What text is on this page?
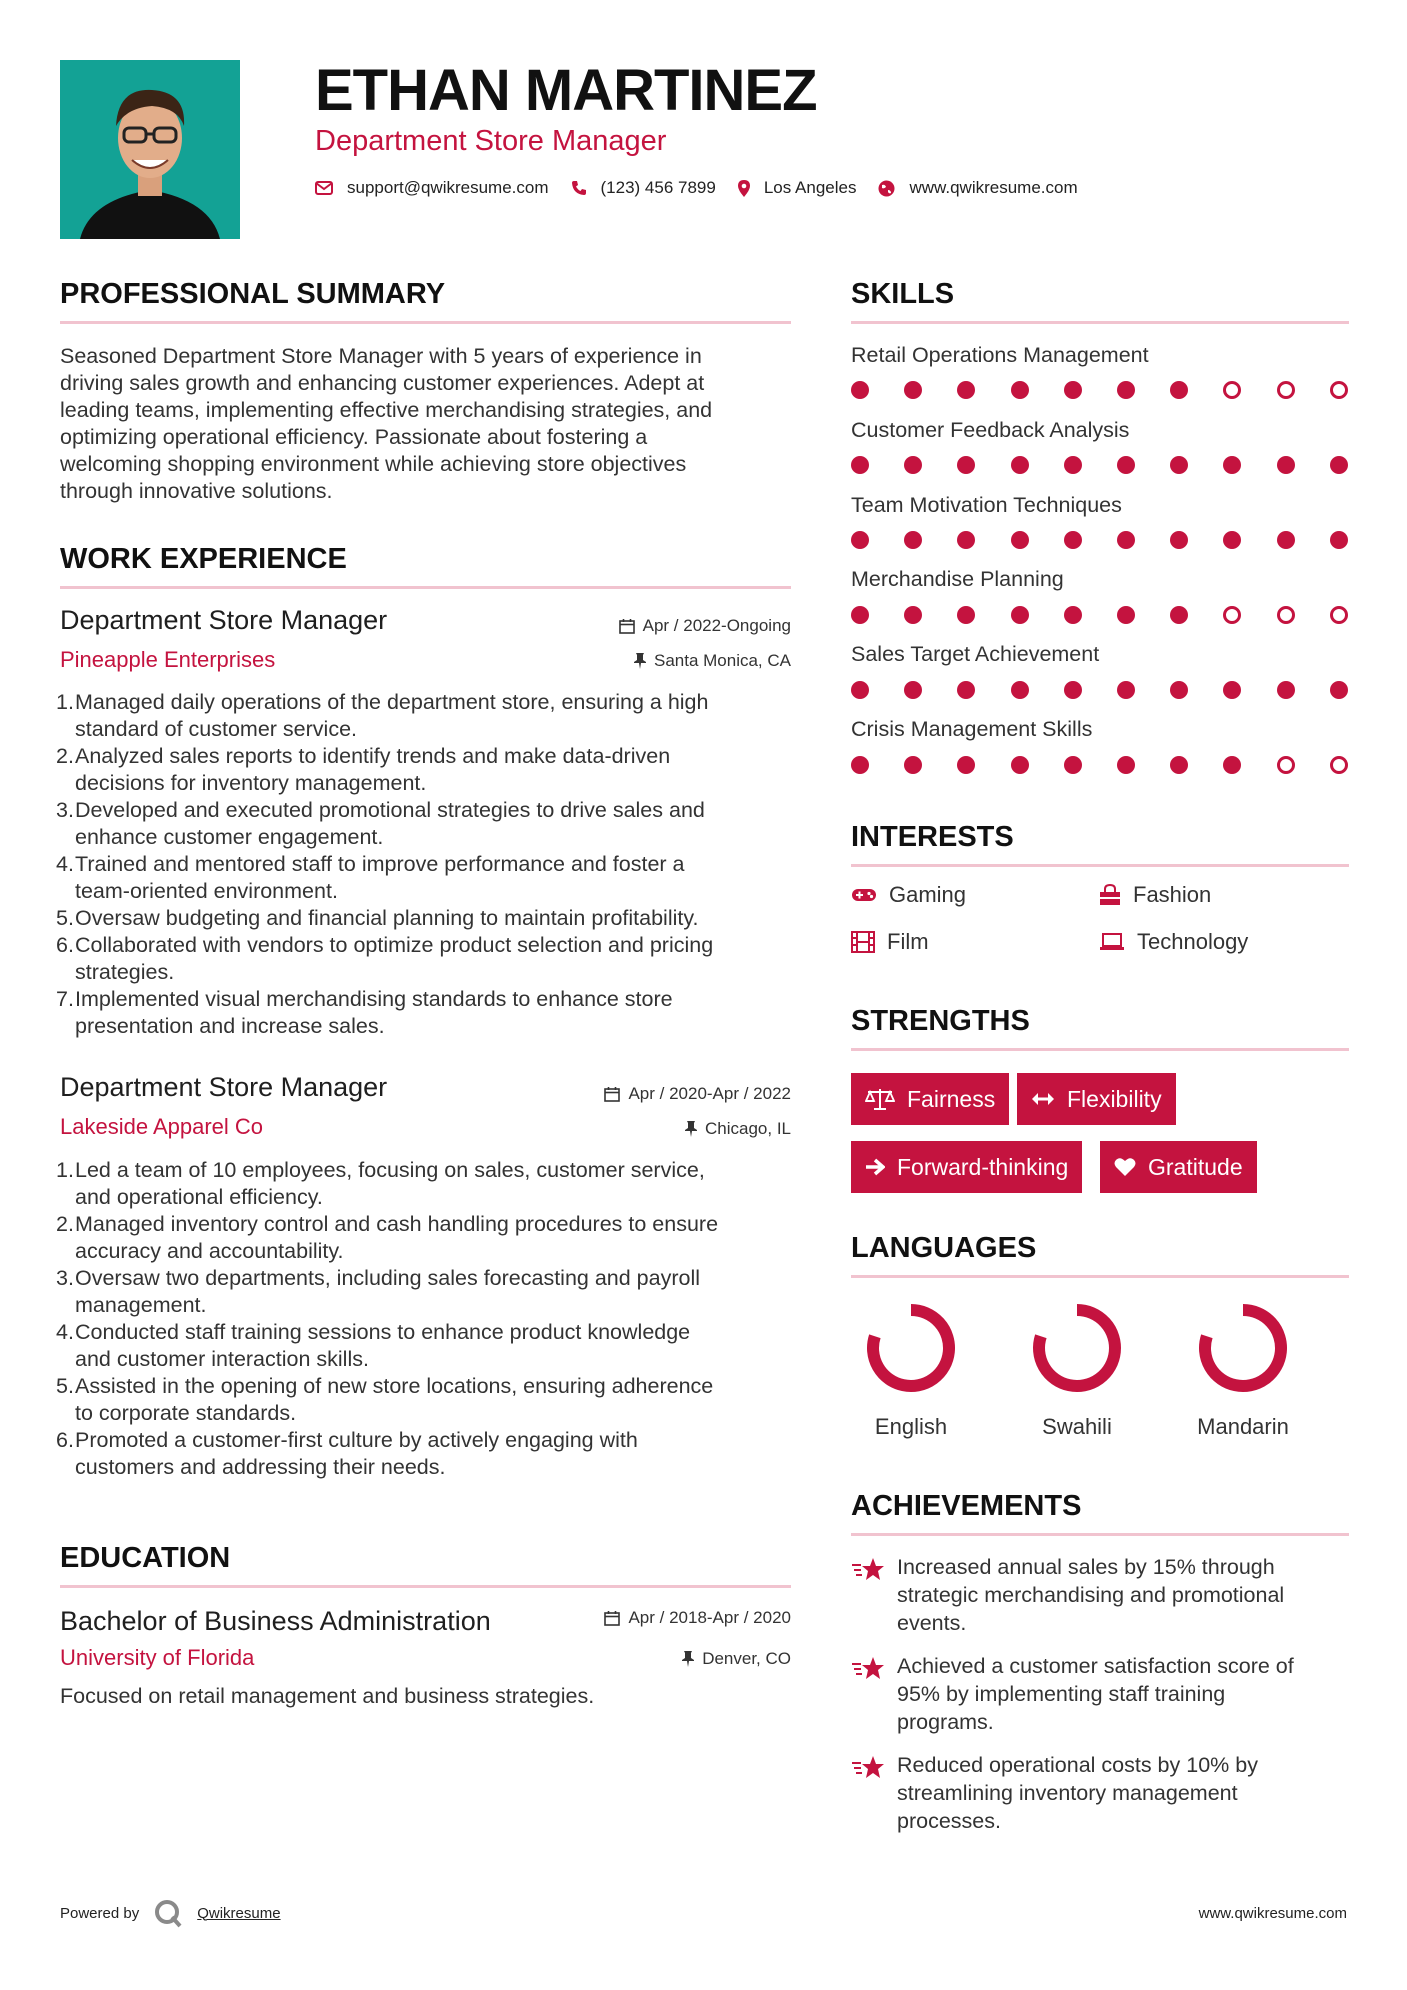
ETHAN MARTINEZ
Department Store Manager
support@qwikresume.com	(123) 456 7899	Los Angeles	www.qwikresume.com
PROFESSIONAL SUMMARY
Seasoned Department Store Manager with 5 years of experience in
driving sales growth and enhancing customer experiences. Adept at
leading teams, implementing effective merchandising strategies, and
optimizing operational efficiency. Passionate about fostering a
welcoming shopping environment while achieving store objectives
through innovative solutions.
WORK EXPERIENCE
Department Store Manager	Apr / 2022-Ongoing
Pineapple Enterprises	Santa Monica, CA
1. Managed daily operations of the department store, ensuring a high
standard of customer service.
2. Analyzed sales reports to identify trends and make data-driven
decisions for inventory management.
3. Developed and executed promotional strategies to drive sales and
enhance customer engagement.
4. Trained and mentored staff to improve performance and foster a
team-oriented environment.
5. Oversaw budgeting and financial planning to maintain profitability.
6. Collaborated with vendors to optimize product selection and pricing
strategies.
7. Implemented visual merchandising standards to enhance store
presentation and increase sales.
Department Store Manager	Apr / 2020-Apr / 2022
Lakeside Apparel Co	Chicago, IL
1. Led a team of 10 employees, focusing on sales, customer service,
and operational efficiency.
2. Managed inventory control and cash handling procedures to ensure
accuracy and accountability.
3. Oversaw two departments, including sales forecasting and payroll
management.
4. Conducted staff training sessions to enhance product knowledge
and customer interaction skills.
5. Assisted in the opening of new store locations, ensuring adherence
to corporate standards.
6. Promoted a customer-first culture by actively engaging with
customers and addressing their needs.
EDUCATION
Bachelor of Business Administration	Apr / 2018-Apr / 2020
University of Florida	Denver, CO
Focused on retail management and business strategies.
SKILLS
Retail Operations Management
Customer Feedback Analysis
Team Motivation Techniques
Merchandise Planning
Sales Target Achievement
Crisis Management Skills
INTERESTS
Gaming	Fashion
Film	Technology
STRENGTHS
Fairness	Flexibility
Forward-thinking	Gratitude
LANGUAGES
English	Swahili	Mandarin
ACHIEVEMENTS
Increased annual sales by 15% through
strategic merchandising and promotional
events.
Achieved a customer satisfaction score of
95% by implementing staff training
programs.
Reduced operational costs by 10% by
streamlining inventory management
processes.
Powered by	Qwikresume	www.qwikresume.com
